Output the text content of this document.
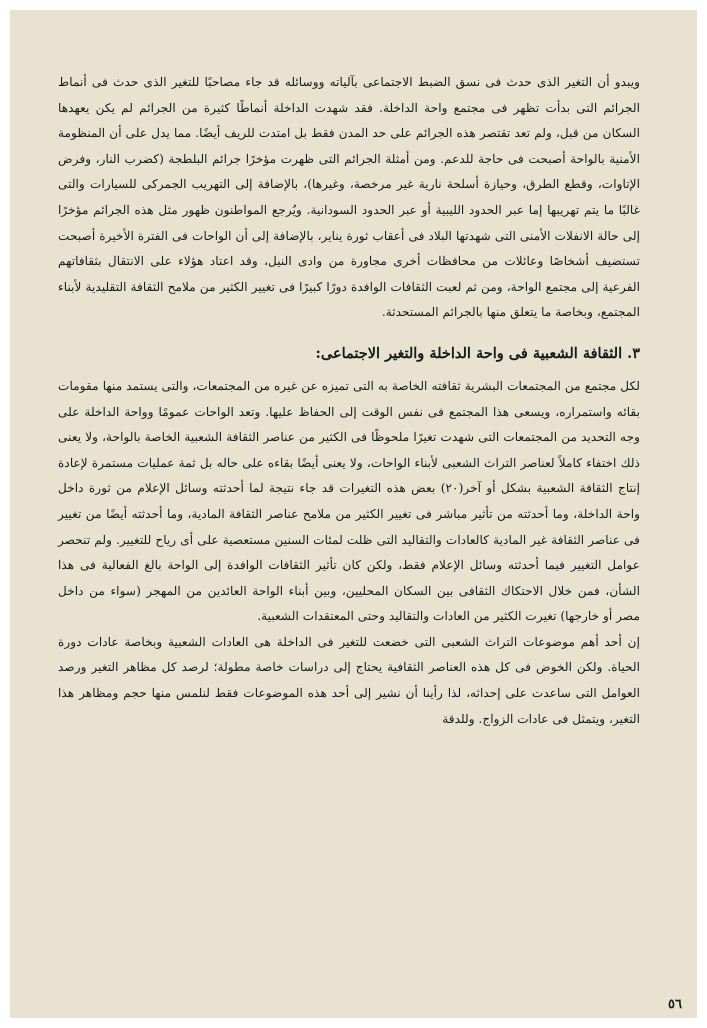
ويبدو أن التغير الذى حدث فى نسق الضبط الاجتماعى بآلياته ووسائله قد جاء مصاحبًا للتغير الذى حدث فى أنماط الجرائم التى بدأت تظهر فى مجتمع واحة الداخلة. فقد شهدت الداخلة أنماطًا كثيرة من الجرائم لم يكن يعهدها السكان من قبل، ولم تعد تقتصر هذه الجرائم على حد المدن فقط بل امتدت للريف أيضًا. مما يدل على أن المنظومة الأمنية بالواحة أصبحت فى حاجة للدعم. ومن أمثلة الجرائم التى ظهرت مؤخرًا جرائم البلطجة (كضرب النار، وفرض الإتاوات، وقطع الطرق، وحيازة أسلحة نارية غير مرخصة، وغيرها)، بالإضافة إلى التهريب الجمركى للسيارات والتى غالبًا ما يتم تهريبها إما عبر الحدود الليبية أو عبر الحدود السودانية. ويُرجع المواطنون ظهور مثل هذه الجرائم مؤخرًا إلى حالة الانفلات الأمنى التى شهدتها البلاد فى أعقاب ثورة يناير، بالإضافة إلى أن الواحات فى الفترة الأخيرة أصبحت تستضيف أشخاصًا وعائلات من محافظات أخرى مجاورة من وادى النيل، وقد اعتاد هؤلاء على الانتقال بثقافاتهم الفرعية إلى مجتمع الواحة، ومن ثم لعبت الثقافات الوافدة دورًا كبيرًا فى تغيير الكثير من ملامح الثقافة التقليدية لأبناء المجتمع، وبخاصة ما يتعلق منها بالجرائم المستحدثة.

٣. الثقافة الشعبية فى واحة الداخلة والتغير الاجتماعى:

لكل مجتمع من المجتمعات البشرية ثقافته الخاصة به التى تميزه عن غيره من المجتمعات، والتى يستمد منها مقومات بقائه واستمراره، ويسعى هذا المجتمع فى نفس الوقت إلى الحفاظ عليها. وتعد الواحات عمومًا وواحة الداخلة على وجه التحديد من المجتمعات التى شهدت تغيرًا ملحوظًا فى الكثير من عناصر الثقافة الشعبية الخاصة بالواحة، ولا يعنى ذلك اختفاء كاملاً لعناصر التراث الشعبى لأبناء الواحات، ولا يعنى أيضًا بقاءه على حاله بل ثمة عمليات مستمرة لإعادة إنتاج الثقافة الشعبية بشكل أو آخر(٢٠) بعض هذه التغيرات قد جاء نتيجة لما أحدثته وسائل الإعلام من ثورة داخل واحة الداخلة، وما أحدثته من تأثير مباشر فى تغيير الكثير من ملامح عناصر الثقافة المادية، وما أحدثته أيضًا من تغيير فى عناصر الثقافة غير المادية كالعادات والتقاليد التى ظلت لمئات السنين مستعصية على أى رياح للتغيير. ولم تنحصر عوامل التغيير فيما أحدثته وسائل الإعلام فقط، ولكن كان تأثير الثقافات الوافدة إلى الواحة بالغ الفعالية فى هذا الشأن، فمن خلال الاحتكاك الثقافى بين السكان المحليين، وبين أبناء الواحة العائدين من المهجر (سواء من داخل مصر أو خارجها) تغيرت الكثير من العادات والتقاليد وحتى المعتقدات الشعبية.

إن أحد أهم موضوعات التراث الشعبى التى خضعت للتغير فى الداخلة هى العادات الشعبية وبخاصة عادات دورة الحياة. ولكن الخوض فى كل هذه العناصر الثقافية يحتاج إلى دراسات خاصة مطولة؛ لرصد كل مظاهر التغير ورصد العوامل التى ساعدت على إحداثه، لذا رأينا أن نشير إلى أحد هذه الموضوعات فقط لنلمس منها حجم ومظاهر هذا التغير، ويتمثل فى عادات الزواج. وللدقة

٥٦
